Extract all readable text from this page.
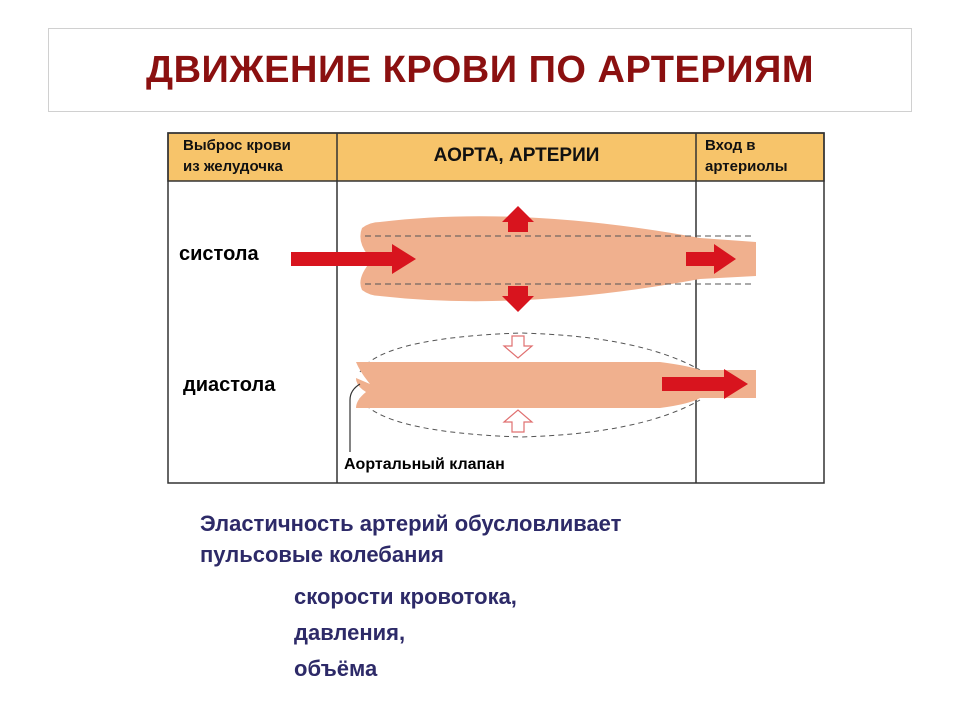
ДВИЖЕНИЕ КРОВИ ПО АРТЕРИЯМ
Выброс крови
из желудочка
АОРТА, АРТЕРИИ	Вход в
артериолы
систола
диастола
Аортальный клапан
Эластичность артерий обусловливает
пульсовые колебания
скорости кровотока,
давления,
объёма
